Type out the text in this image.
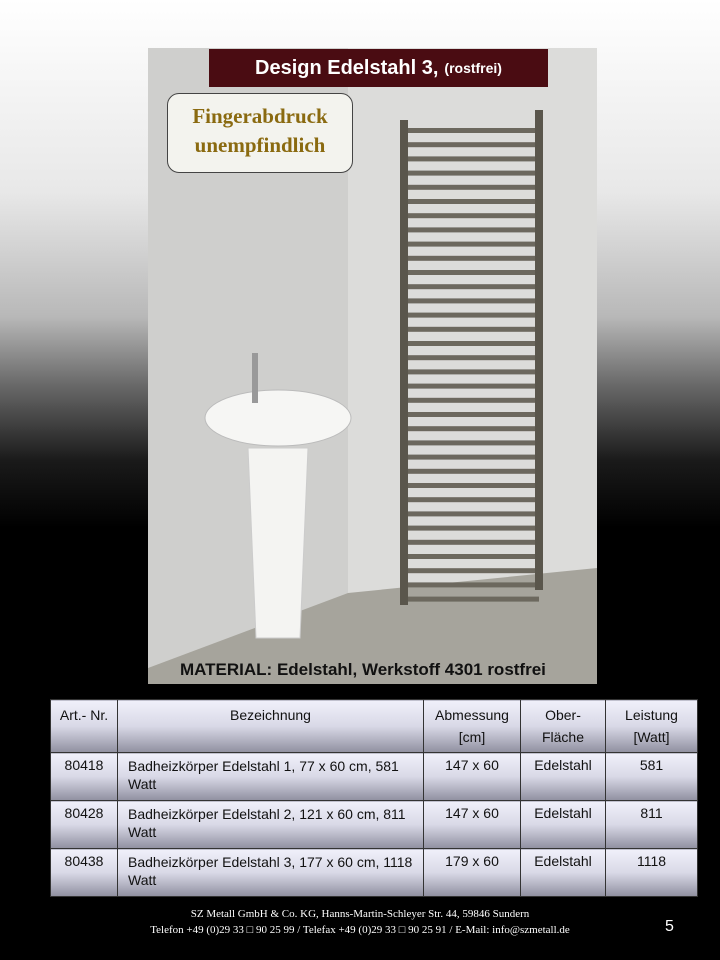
Design Edelstahl 3, (rostfrei)
Fingerabdruck
unempfindlich
MATERIAL: Edelstahl, Werkstoff 4301 rostfrei
Art.- Nr.	Bezeichnung	Abmessung [cm]	Ober- Fläche	Leistung [Watt]
80418	Badheizkörper Edelstahl 1, 77 x 60 cm, 581 Watt	147 x 60	Edelstahl	581
80428	Badheizkörper Edelstahl 2, 121 x 60 cm, 811 Watt	147 x 60	Edelstahl	811
80438	Badheizkörper Edelstahl 3, 177 x 60 cm, 1118 Watt	179 x 60	Edelstahl	1118
SZ Metall GmbH & Co. KG, Hanns-Martin-Schleyer Str. 44, 59846 Sundern
Telefon +49 (0)29 33 □ 90 25 99 / Telefax +49 (0)29 33 □ 90 25 91 / E-Mail: info@szmetall.de	5
